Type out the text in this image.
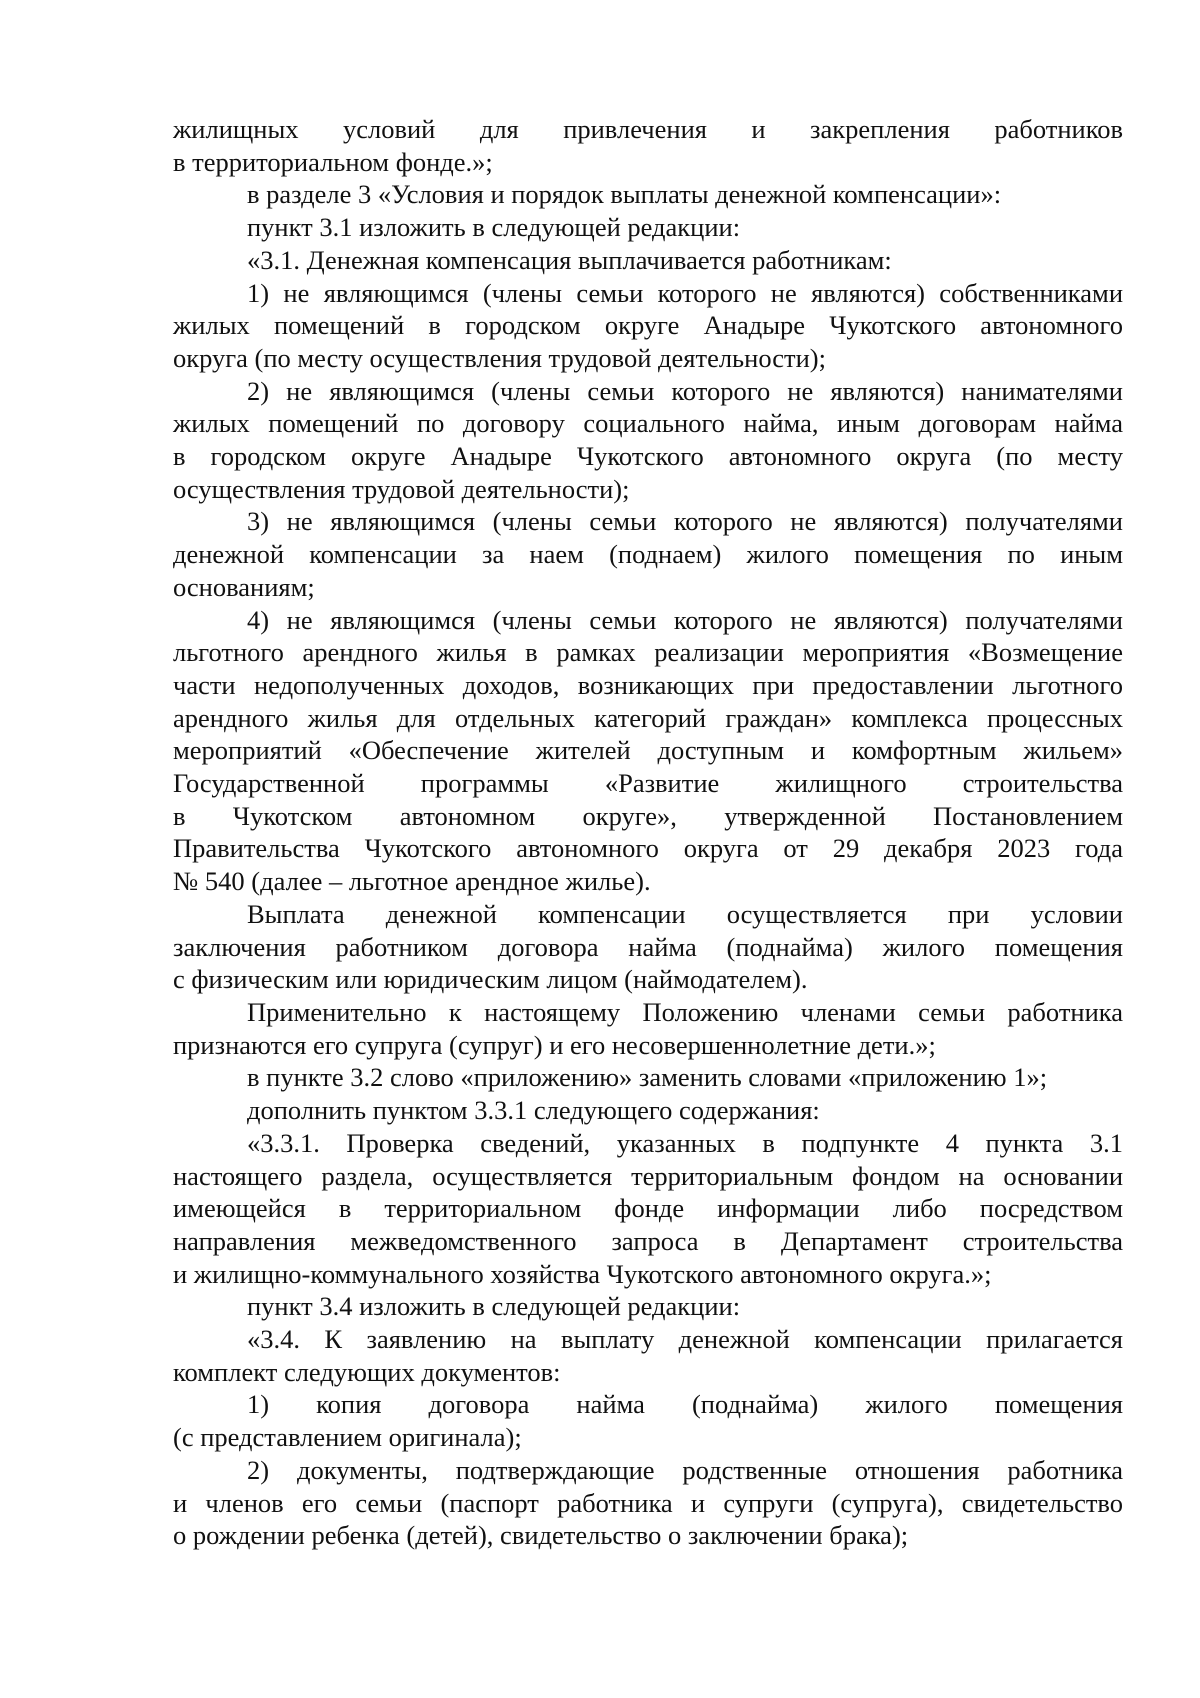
жилищных условий для привлечения и закрепления работников
в территориальном фонде.»;
в разделе 3 «Условия и порядок выплаты денежной компенсации»:
пункт 3.1 изложить в следующей редакции:
«3.1. Денежная компенсация выплачивается работникам:
1) не являющимся (члены семьи которого не являются) собственниками
жилых помещений в городском округе Анадыре Чукотского автономного
округа (по месту осуществления трудовой деятельности);
2) не являющимся (члены семьи которого не являются) нанимателями
жилых помещений по договору социального найма, иным договорам найма
в городском округе Анадыре Чукотского автономного округа (по месту
осуществления трудовой деятельности);
3) не являющимся (члены семьи которого не являются) получателями
денежной компенсации за наем (поднаем) жилого помещения по иным
основаниям;
4) не являющимся (члены семьи которого не являются) получателями
льготного арендного жилья в рамках реализации мероприятия «Возмещение
части недополученных доходов, возникающих при предоставлении льготного
арендного жилья для отдельных категорий граждан» комплекса процессных
мероприятий «Обеспечение жителей доступным и комфортным жильем»
Государственной программы «Развитие жилищного строительства
в Чукотском автономном округе», утвержденной Постановлением
Правительства Чукотского автономного округа от 29 декабря 2023 года
№ 540 (далее – льготное арендное жилье).
Выплата денежной компенсации осуществляется при условии
заключения работником договора найма (поднайма) жилого помещения
с физическим или юридическим лицом (наймодателем).
Применительно к настоящему Положению членами семьи работника
признаются его супруга (супруг) и его несовершеннолетние дети.»;
в пункте 3.2 слово «приложению» заменить словами «приложению 1»;
дополнить пунктом 3.3.1 следующего содержания:
«3.3.1. Проверка сведений, указанных в подпункте 4 пункта 3.1
настоящего раздела, осуществляется территориальным фондом на основании
имеющейся в территориальном фонде информации либо посредством
направления межведомственного запроса в Департамент строительства
и жилищно-коммунального хозяйства Чукотского автономного округа.»;
пункт 3.4 изложить в следующей редакции:
«3.4. К заявлению на выплату денежной компенсации прилагается
комплект следующих документов:
1) копия договора найма (поднайма) жилого помещения
(с представлением оригинала);
2) документы, подтверждающие родственные отношения работника
и членов его семьи (паспорт работника и супруги (супруга), свидетельство
о рождении ребенка (детей), свидетельство о заключении брака);
